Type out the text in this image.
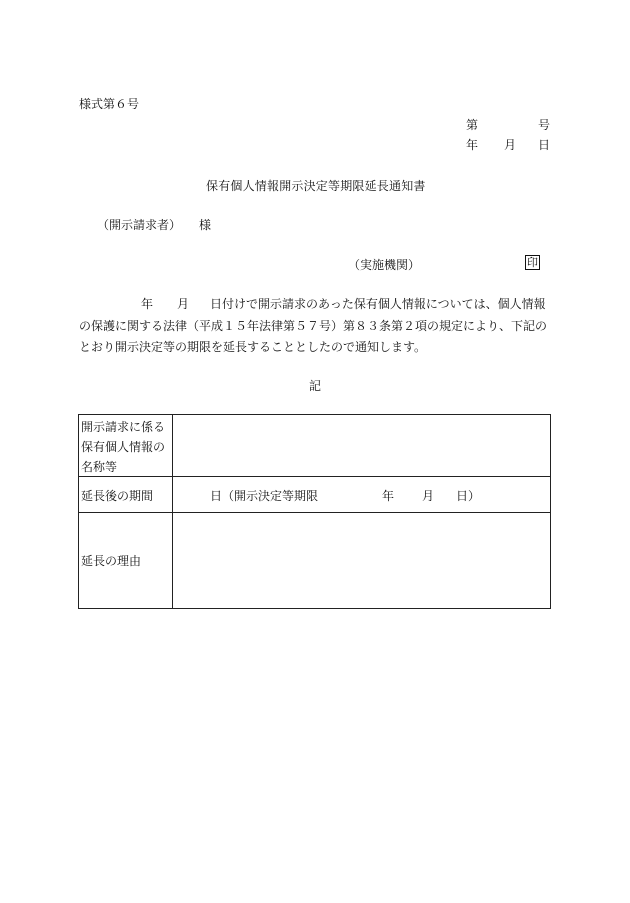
様式第６号
第	号
年 月 日
保有個人情報開示決定等期限延長通知書
（開示請求者） 様
（実施機関）	印
年 月 日付けで開示請求のあった保有個人情報については、個人情報
の保護に関する法律（平成１５年法律第５７号）第８３条第２項の規定により、下記の
とおり開示決定等の期限を延長することとしたので通知します。
記
開示請求に係る
保有個人情報の
名称等
延長後の期間	日（開示決定等期限	年 月 日）
延長の理由
